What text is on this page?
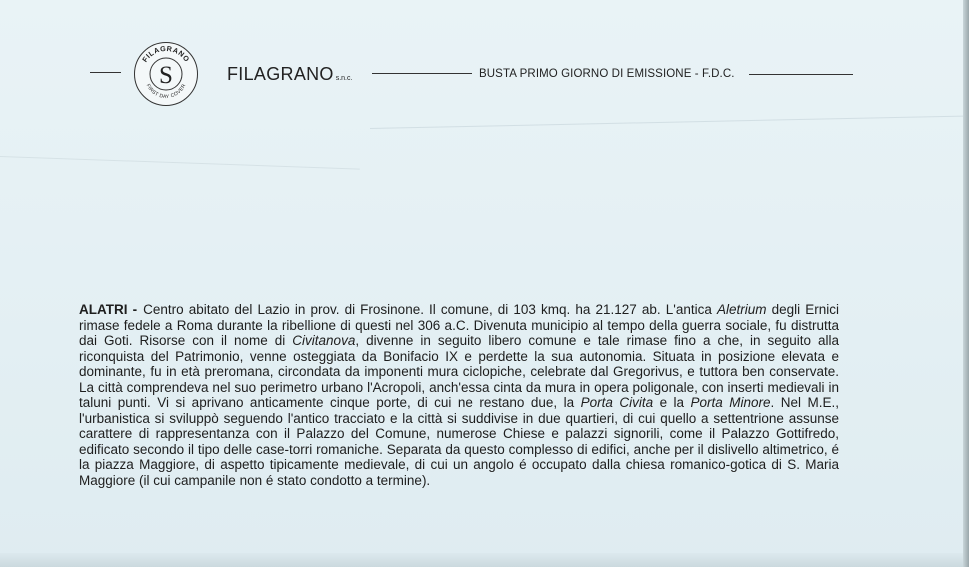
FILAGRANO
FIRST DAY COVER
S	FILAGRANO s.n.c.	BUSTA PRIMO GIORNO DI EMISSIONE - F.D.C.
ALATRI - Centro abitato del Lazio in prov. di Frosinone. Il comune, di 103 kmq. ha 21.127 ab. L'antica Aletrium degli Ernici rimase fedele a Roma durante la ribellione di questi nel 306 a.C. Divenuta municipio al tempo della guerra sociale, fu distrutta dai Goti. Risorse con il nome di Civitanova, divenne in seguito libero comune e tale rimase fino a che, in seguito alla riconquista del Patrimonio, venne osteggiata da Bonifacio IX e perdette la sua autonomia. Situata in posizione elevata e dominante, fu in età preromana, circondata da imponenti mura ciclopiche, celebrate dal Gregorivus, e tuttora ben conservate. La città comprendeva nel suo perimetro urbano l'Acropoli, anch'essa cinta da mura in opera poligonale, con inserti medievali in taluni punti. Vi si aprivano anticamente cinque porte, di cui ne restano due, la Porta Civita e la Porta Minore. Nel M.E., l'urbanistica si sviluppò seguendo l'antico tracciato e la città si suddivise in due quartieri, di cui quello a settentrione assunse carattere di rappresentanza con il Palazzo del Comune, numerose Chiese e palazzi signorili, come il Palazzo Gottifredo, edificato secondo il tipo delle case-torri romaniche. Separata da questo complesso di edifici, anche per il dislivello altimetrico, é la piazza Maggiore, di aspetto tipicamente medievale, di cui un angolo é occupato dalla chiesa romanico-gotica di S. Maria Maggiore (il cui campanile non é stato condotto a termine).
